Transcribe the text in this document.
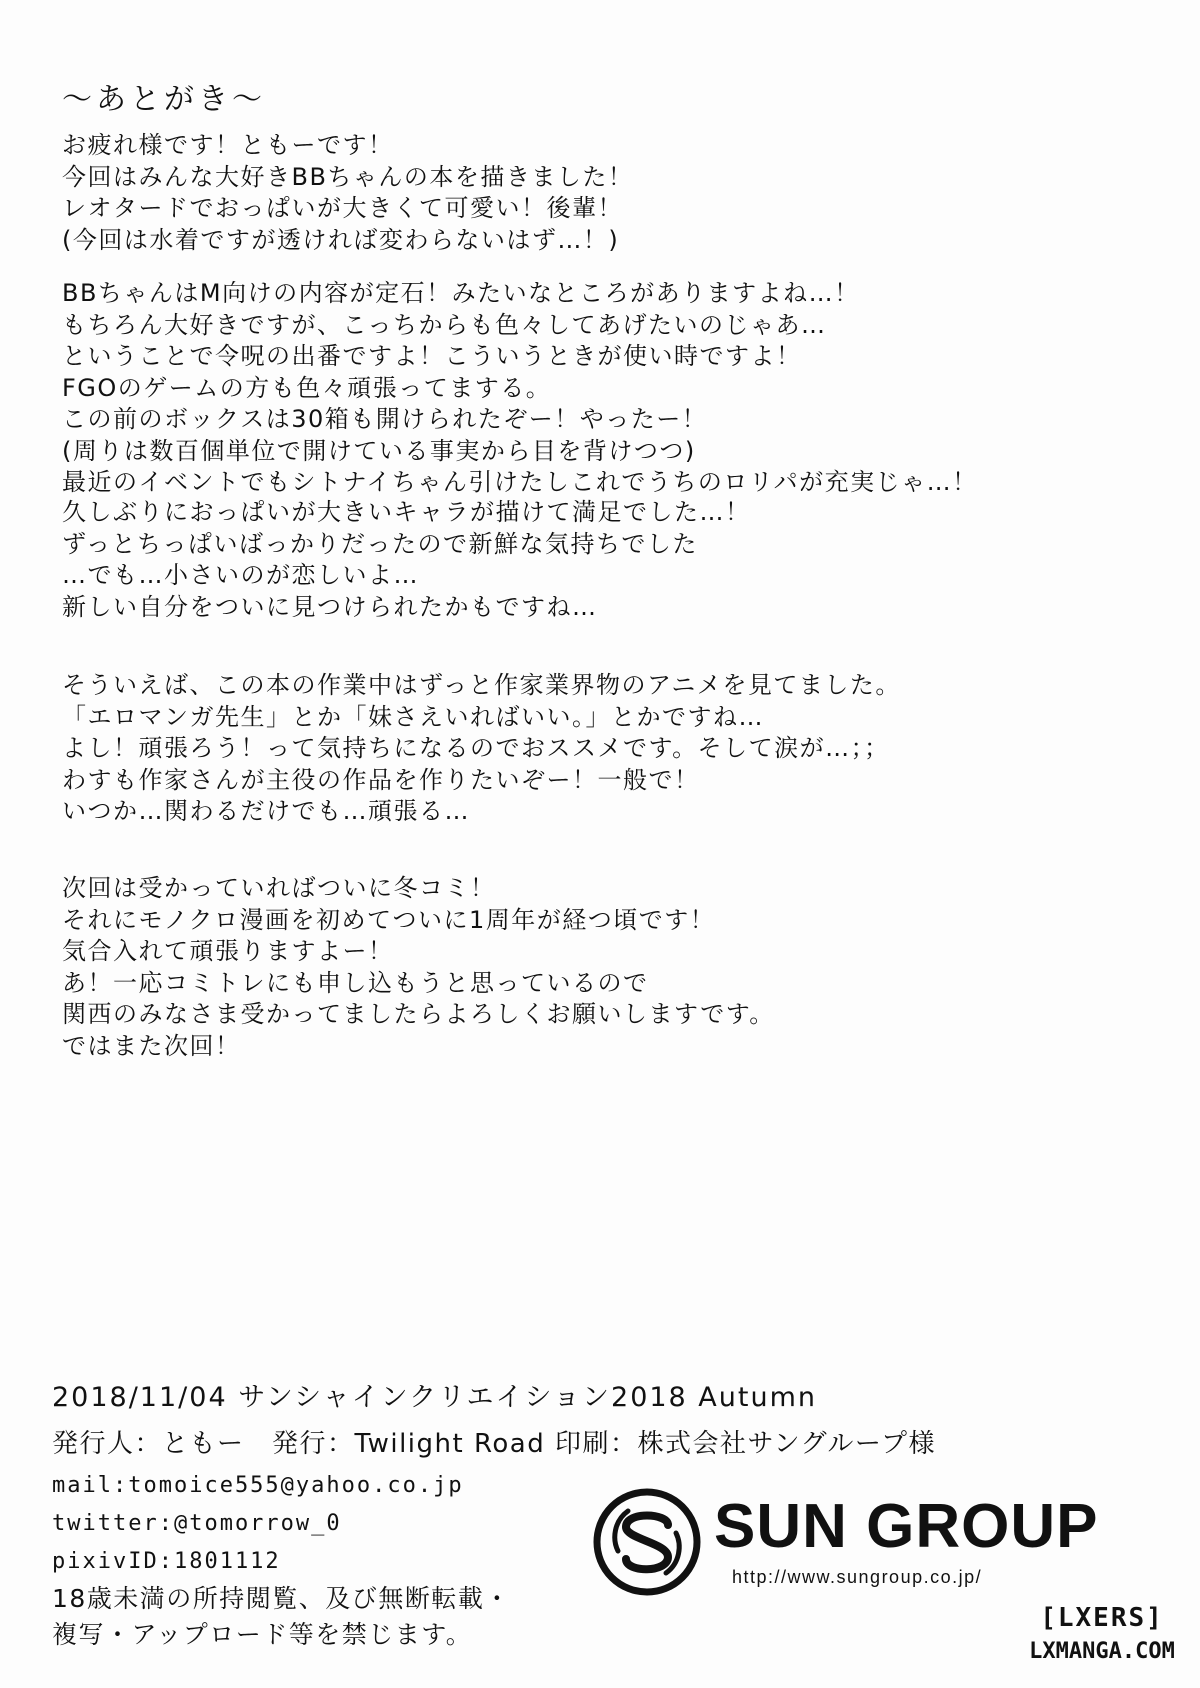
〜あとがき〜
お疲れ様です！ともーです！
今回はみんな大好きBBちゃんの本を描きました！
レオタードでおっぱいが大きくて可愛い！後輩！
(今回は水着ですが透ければ変わらないはず…！)
BBちゃんはM向けの内容が定石！みたいなところがありますよね…！
もちろん大好きですが、こっちからも色々してあげたいのじゃあ…
ということで令呪の出番ですよ！こういうときが使い時ですよ！
FGOのゲームの方も色々頑張ってまする。
この前のボックスは30箱も開けられたぞー！やったー！
(周りは数百個単位で開けている事実から目を背けつつ)
最近のイベントでもシトナイちゃん引けたしこれでうちのロリパが充実じゃ…！
久しぶりにおっぱいが大きいキャラが描けて満足でした…！
ずっとちっぱいばっかりだったので新鮮な気持ちでした
…でも…小さいのが恋しいよ…
新しい自分をついに見つけられたかもですね…
そういえば、この本の作業中はずっと作家業界物のアニメを見てました。
「エロマンガ先生」とか「妹さえいればいい。」とかですね…
よし！頑張ろう！って気持ちになるのでおススメです。そして涙が…；；
わすも作家さんが主役の作品を作りたいぞー！一般で！
いつか…関わるだけでも…頑張る…
次回は受かっていればついに冬コミ！
それにモノクロ漫画を初めてついに1周年が経つ頃です！
気合入れて頑張りますよー！
あ！一応コミトレにも申し込もうと思っているので
関西のみなさま受かってましたらよろしくお願いしますです。
ではまた次回！
2018/11/04 サンシャインクリエイション2018 Autumn
発行人：ともー　発行：Twilight Road 印刷：株式会社サングループ様
mail:tomoice555@yahoo.co.jp
twitter:@tomorrow_0
pixivID:1801112
18歳未満の所持閲覧、及び無断転載・
複写・アップロード等を禁じます。
SUN GROUP
http://www.sungroup.co.jp/
[LXERS]
LXMANGA.COM
